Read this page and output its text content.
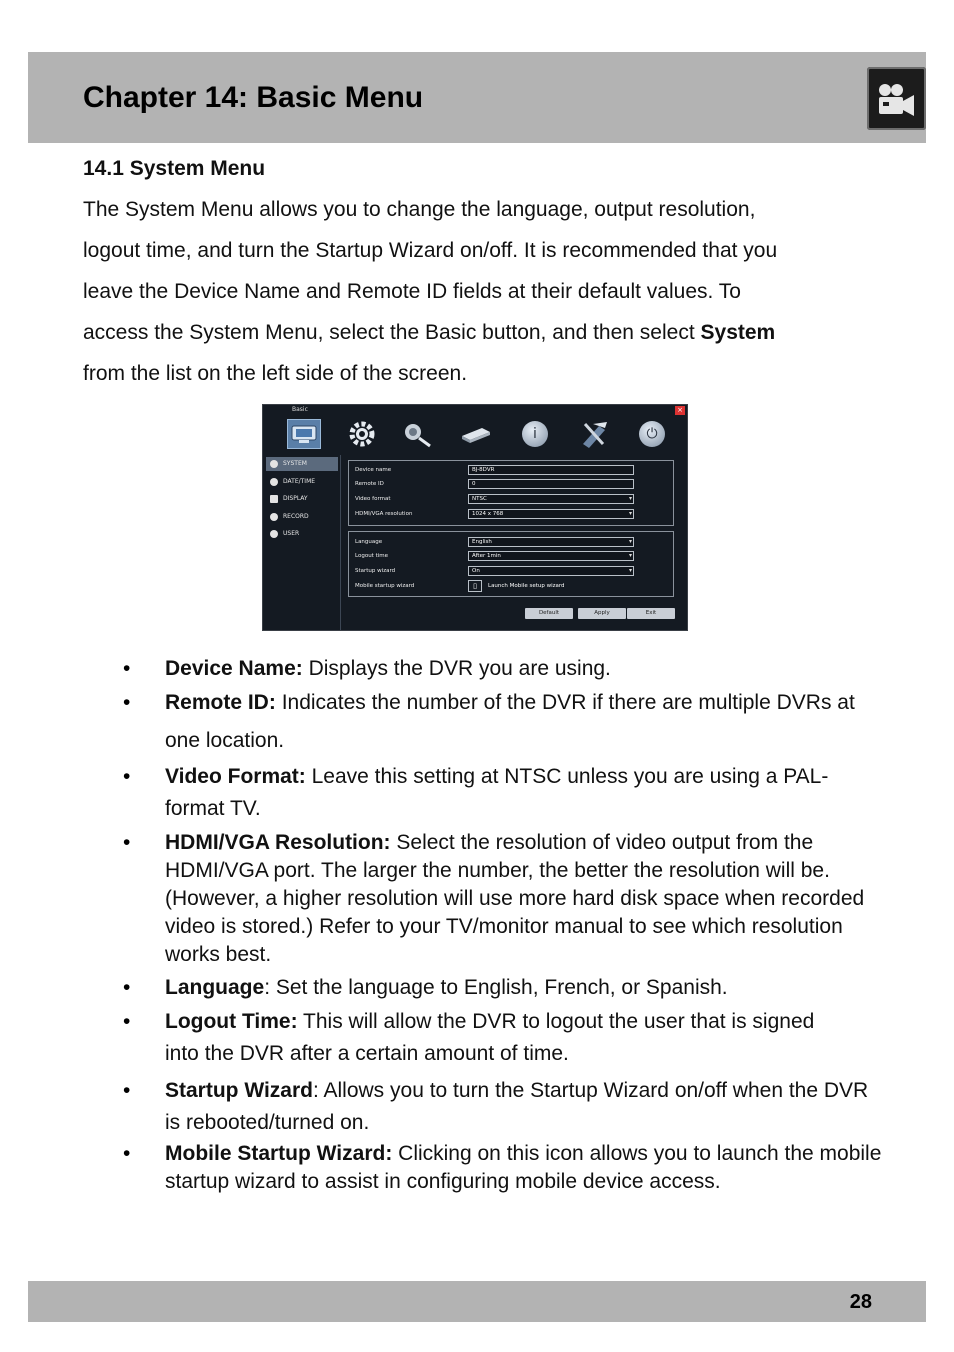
Chapter 14: Basic Menu
14.1 System Menu

The System Menu allows you to change the language, output resolution,
logout time, and turn the Startup Wizard on/off. It is recommended that you
leave the Device Name and Remote ID fields at their default values. To
access the System Menu, select the Basic button, and then select System
from the list on the left side of the screen.

Basic	×
i	⏻
SYSTEM
DATE/TIME
DISPLAY
RECORD
USER
Device name	BJ-8DVR
Remote ID	0
Video format	NTSC	▾
HDMI/VGA resolution	1024 x 768	▾
Language	English	▾
Logout time	After 1min	▾
Startup wizard	On	▾
Mobile startup wizard	▯	Launch Mobile setup wizard
Default	Apply	Exit

• Device Name: Displays the DVR you are using.

• Remote ID: Indicates the number of the DVR if there are multiple DVRs at one location.

• Video Format: Leave this setting at NTSC unless you are using a PAL-format TV.

• HDMI/VGA Resolution: Select the resolution of video output from the HDMI/VGA port. The larger the number, the better the resolution will be. (However, a higher resolution will use more hard disk space when recorded video is stored.) Refer to your TV/monitor manual to see which resolution works best.

• Language: Set the language to English, French, or Spanish.

• Logout Time: This will allow the DVR to logout the user that is signed into the DVR after a certain amount of time.

• Startup Wizard: Allows you to turn the Startup Wizard on/off when the DVR is rebooted/turned on.

• Mobile Startup Wizard: Clicking on this icon allows you to launch the mobile startup wizard to assist in configuring mobile device access.

28
